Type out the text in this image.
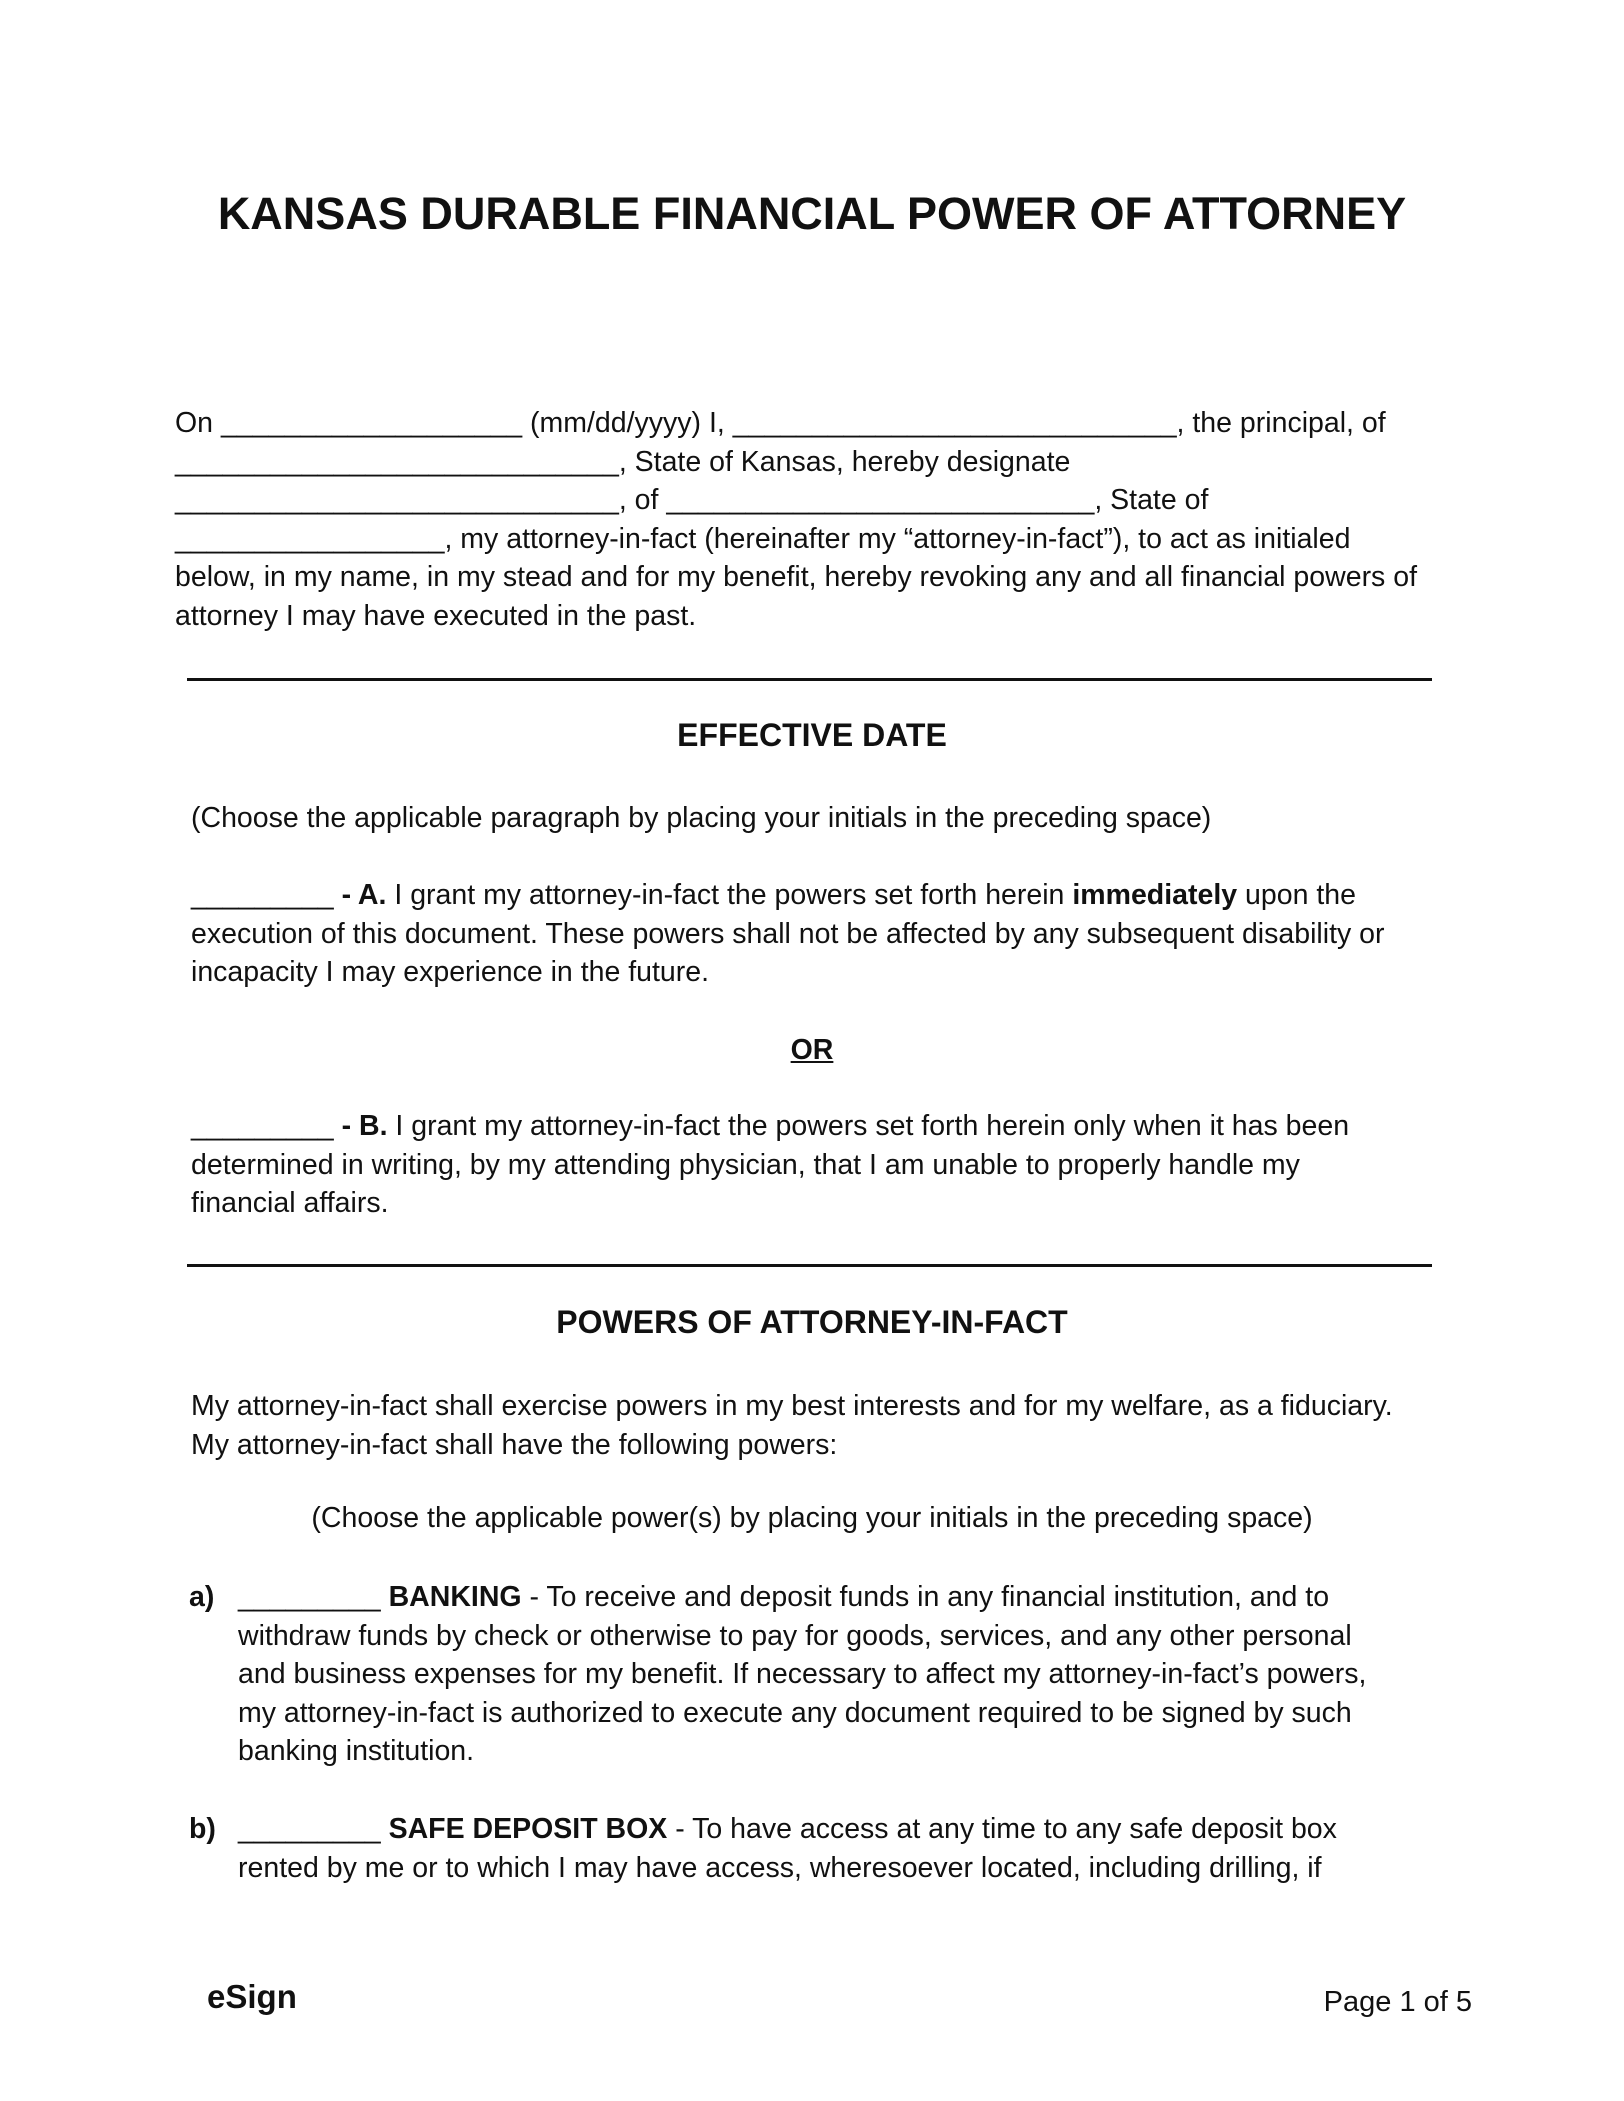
KANSAS DURABLE FINANCIAL POWER OF ATTORNEY
On ___________________ (mm/dd/yyyy) I, ____________________________, the principal, of
____________________________, State of Kansas, hereby designate
____________________________, of ___________________________, State of
_________________, my attorney-in-fact (hereinafter my “attorney-in-fact”), to act as initialed
below, in my name, in my stead and for my benefit, hereby revoking any and all financial powers of
attorney I may have executed in the past.
EFFECTIVE DATE
(Choose the applicable paragraph by placing your initials in the preceding space)
_________ - A. I grant my attorney-in-fact the powers set forth herein immediately upon the
execution of this document. These powers shall not be affected by any subsequent disability or
incapacity I may experience in the future.
OR
_________ - B. I grant my attorney-in-fact the powers set forth herein only when it has been
determined in writing, by my attending physician, that I am unable to properly handle my
financial affairs.
POWERS OF ATTORNEY-IN-FACT
My attorney-in-fact shall exercise powers in my best interests and for my welfare, as a fiduciary.
My attorney-in-fact shall have the following powers:
(Choose the applicable power(s) by placing your initials in the preceding space)
a) _________ BANKING - To receive and deposit funds in any financial institution, and to
withdraw funds by check or otherwise to pay for goods, services, and any other personal
and business expenses for my benefit. If necessary to affect my attorney-in-fact’s powers,
my attorney-in-fact is authorized to execute any document required to be signed by such
banking institution.
b) _________ SAFE DEPOSIT BOX - To have access at any time to any safe deposit box
rented by me or to which I may have access, wheresoever located, including drilling, if
eSign	Page 1 of 5
